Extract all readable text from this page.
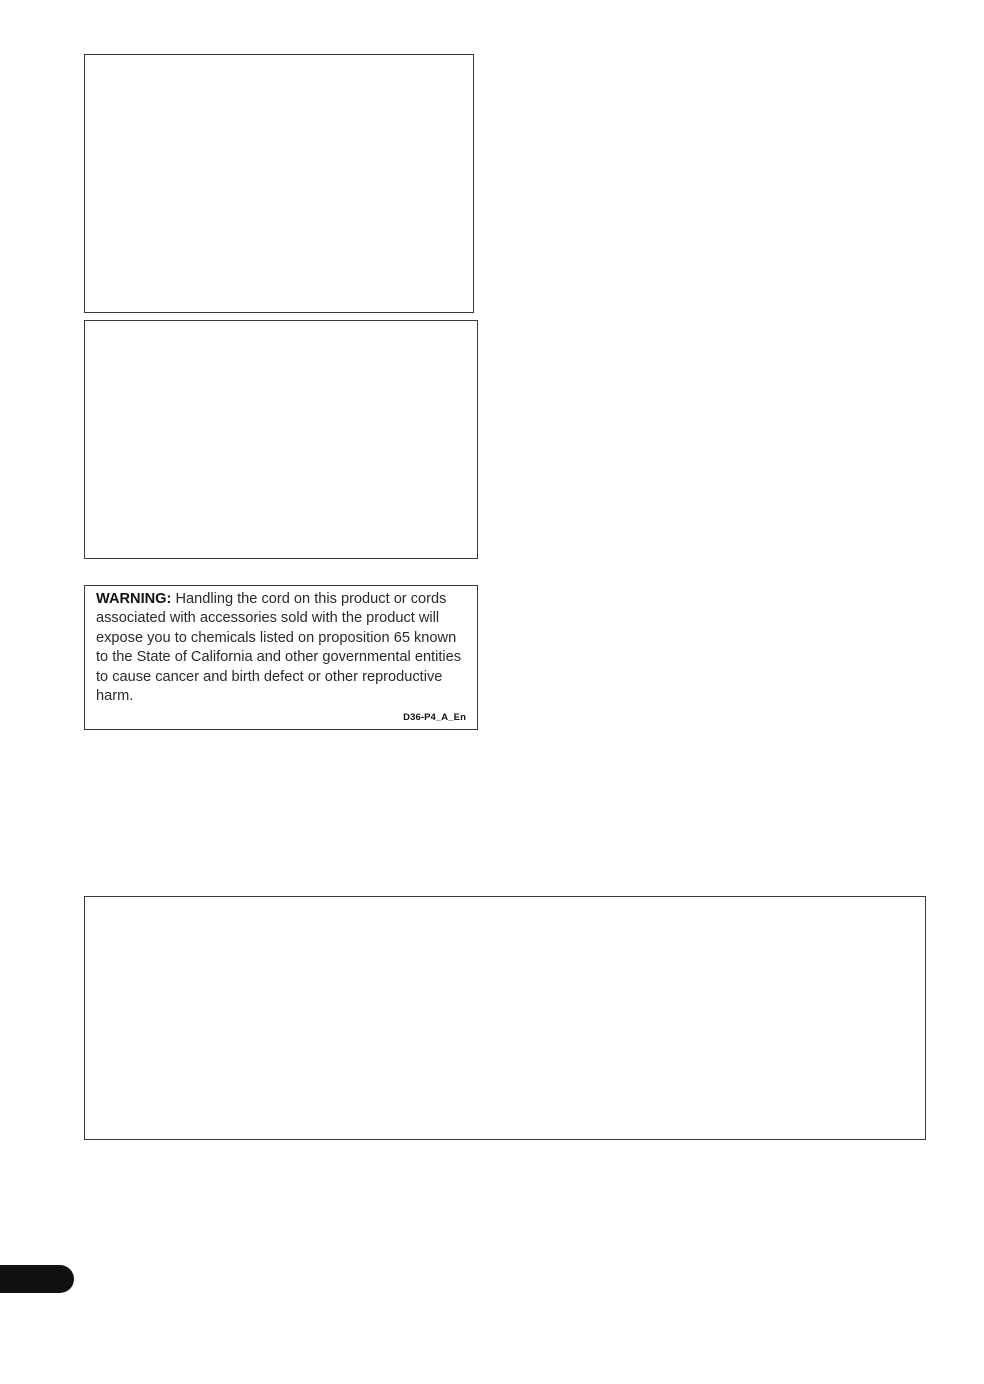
WARNING: Handling the cord on this product or cords associated with accessories sold with the product will expose you to chemicals listed on proposition 65 known to the State of California and other governmental entities to cause cancer and birth defect or other reproductive harm.
D36-P4_A_En
